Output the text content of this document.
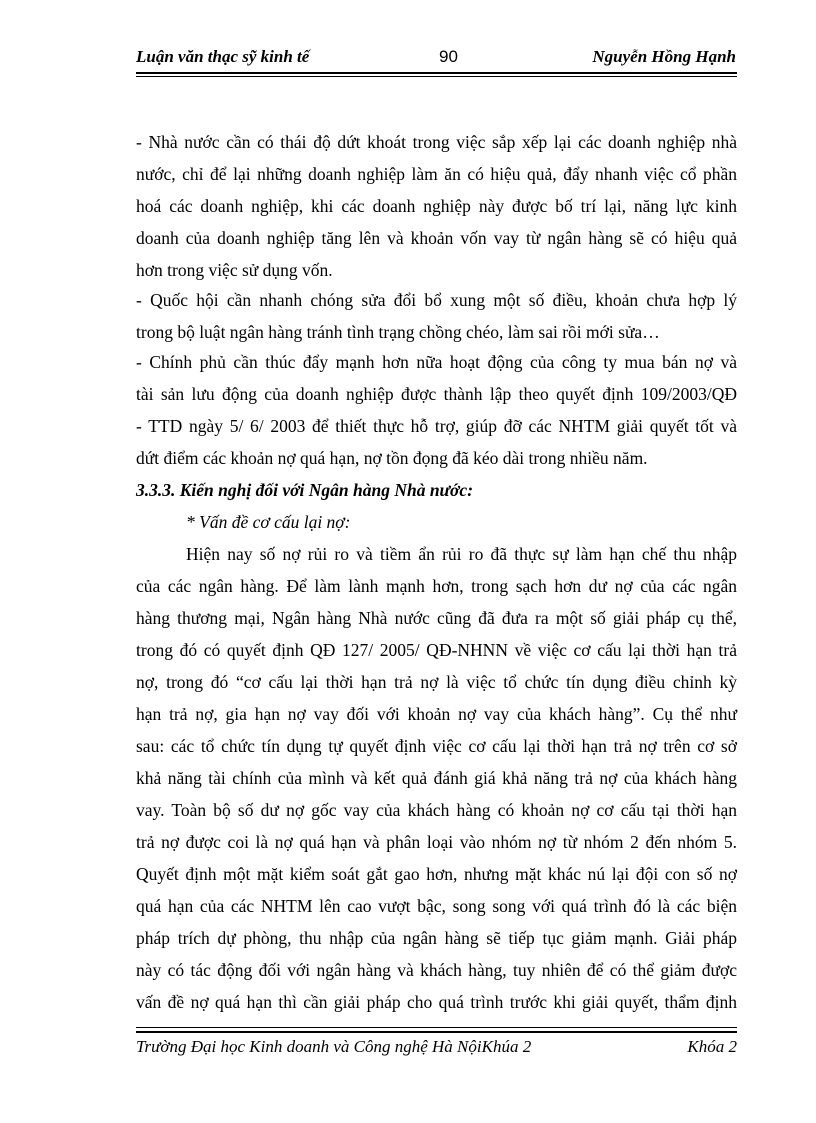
Luận văn thạc sỹ kinh tế	90	Nguyễn Hồng Hạnh
- Nhà nước cần có thái độ dứt khoát trong việc sắp xếp lại các doanh nghiệp nhà
nước, chỉ để lại những doanh nghiệp làm ăn có hiệu quả, đẩy nhanh việc cổ phần
hoá các doanh nghiệp, khi các doanh nghiệp này được bố trí lại, năng lực kinh
doanh của doanh nghiệp tăng lên và khoản vốn vay từ ngân hàng sẽ có hiệu quả
hơn trong việc sử dụng vốn.
- Quốc hội cần nhanh chóng sửa đổi bổ xung một số điều, khoản chưa hợp lý
trong bộ luật ngân hàng tránh tình trạng chồng chéo, làm sai rồi mới sửa…
- Chính phủ cần thúc đẩy mạnh hơn nữa hoạt động của công ty mua bán nợ và
tài sản lưu động của doanh nghiệp được thành lập theo quyết định 109/2003/QĐ
- TTD ngày 5/ 6/ 2003 để thiết thực hỗ trợ, giúp đỡ các NHTM giải quyết tốt và
dứt điểm các khoản nợ quá hạn, nợ tồn đọng đã kéo dài trong nhiều năm.
3.3.3. Kiến nghị đối với Ngân hàng Nhà nước:
* Vấn đề cơ cấu lại nợ:
Hiện nay số nợ rủi ro và tiềm ẩn rủi ro đã thực sự làm hạn chế thu nhập
của các ngân hàng. Để làm lành mạnh hơn, trong sạch hơn dư nợ của các ngân
hàng thương mại, Ngân hàng Nhà nước cũng đã đưa ra một số giải pháp cụ thể,
trong đó có quyết định QĐ 127/ 2005/ QĐ-NHNN về việc cơ cấu lại thời hạn trả
nợ, trong đó “cơ cấu lại thời hạn trả nợ là việc tổ chức tín dụng điều chỉnh kỳ
hạn trả nợ, gia hạn nợ vay đối với khoản nợ vay của khách hàng”. Cụ thể như
sau: các tổ chức tín dụng tự quyết định việc cơ cấu lại thời hạn trả nợ trên cơ sở
khả năng tài chính của mình và kết quả đánh giá khả năng trả nợ của khách hàng
vay. Toàn bộ số dư nợ gốc vay của khách hàng có khoản nợ cơ cấu tại thời hạn
trả nợ được coi là nợ quá hạn và phân loại vào nhóm nợ từ nhóm 2 đến nhóm 5.
Quyết định một mặt kiểm soát gắt gao hơn, nhưng mặt khác nú lại đội con số nợ
quá hạn của các NHTM lên cao vượt bậc, song song với quá trình đó là các biện
pháp trích dự phòng, thu nhập của ngân hàng sẽ tiếp tục giảm mạnh. Giải pháp
này có tác động đối với ngân hàng và khách hàng, tuy nhiên để có thể giảm được
vấn đề nợ quá hạn thì cần giải pháp cho quá trình trước khi giải quyết, thẩm định
Trường Đại học Kinh doanh và Công nghệ Hà NộiKhúa 2	Khóa 2
